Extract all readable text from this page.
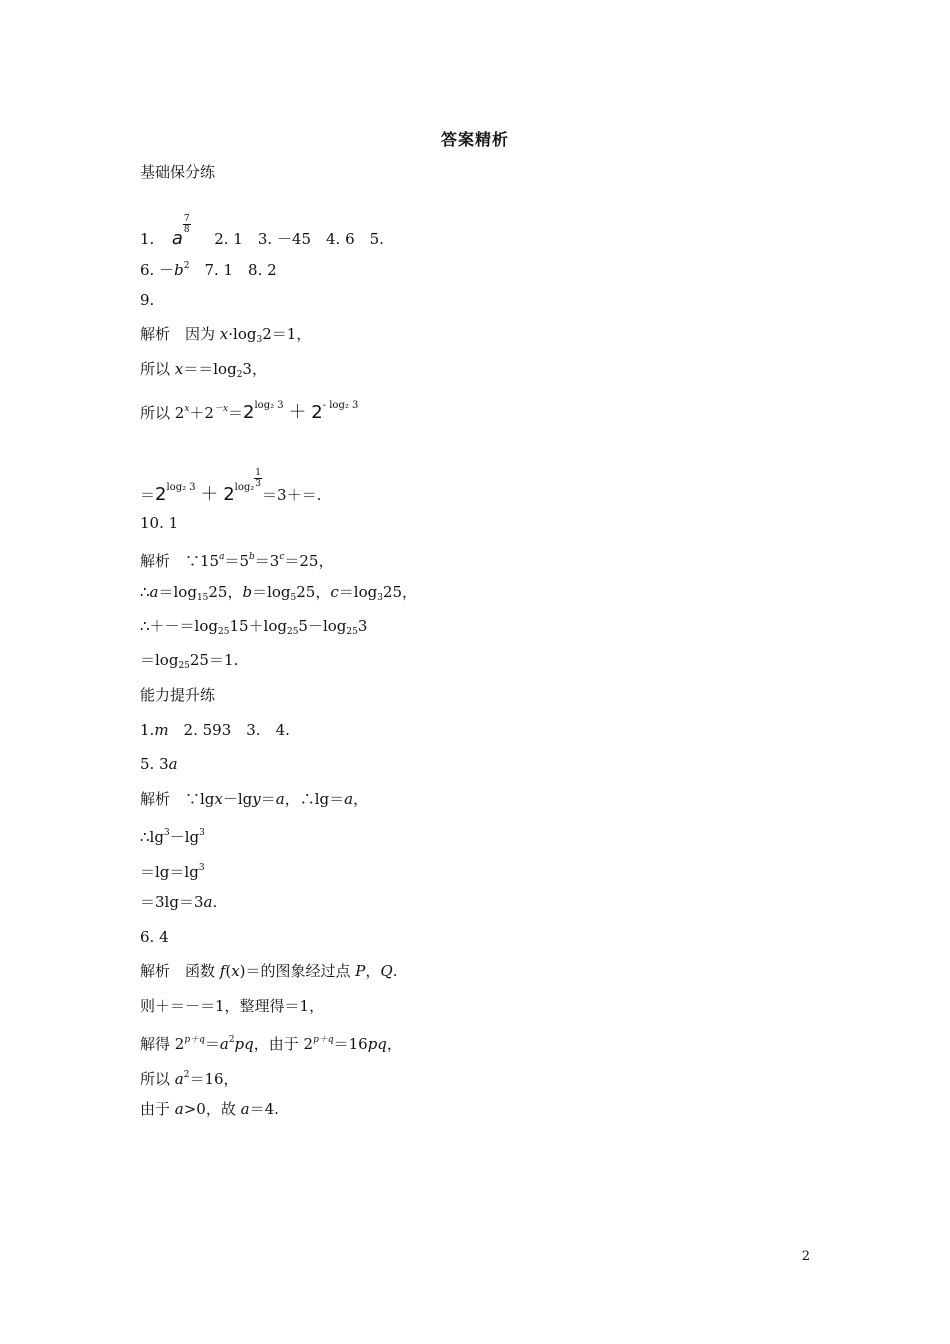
答案精析
基础保分练
1. a
$\frac{7}{8}$
2. 1　3. －45　4. 6　5.
6. $-b^2$　7. 1　8. 2
9.
解析　因为 $x\cdot\log_32=1$，
所以 $x==\log_23$，
所以 $2^x+2^{-x}=2^{log_2 3} + 2^{- log_2 3}$
$=2^{log_2 3} + 2^{log_2} \frac{1}{3}$
＝3＋＝.
10. 1
解析　$\because 15^a=5^b=3^c=25$，
$\therefore a=\log_{15}25$，$b=\log_525$，$c=\log_325$，
$\therefore+-=\log_{25}15+\log_{25}5-\log_{25}3$
$=\log_{25}25=1$.
能力提升练
1.m　2. 593　3.　4.
5. 3a
解析　∵lgx－lgy＝a，∴lg＝a，
$\therefore\lg^3-\lg^3$
$=\lg=\lg^3$
＝3lg＝3a.
6. 4
解析　函数 f(x)＝的图象经过点 P，Q.
则＋＝－＝1，整理得＝1，
解得 $2^{p+q}=a^2pq$，由于 $2^{p+q}=16pq$，
所以 $a^2=16$，
由于 a>0，故 a＝4.
2
